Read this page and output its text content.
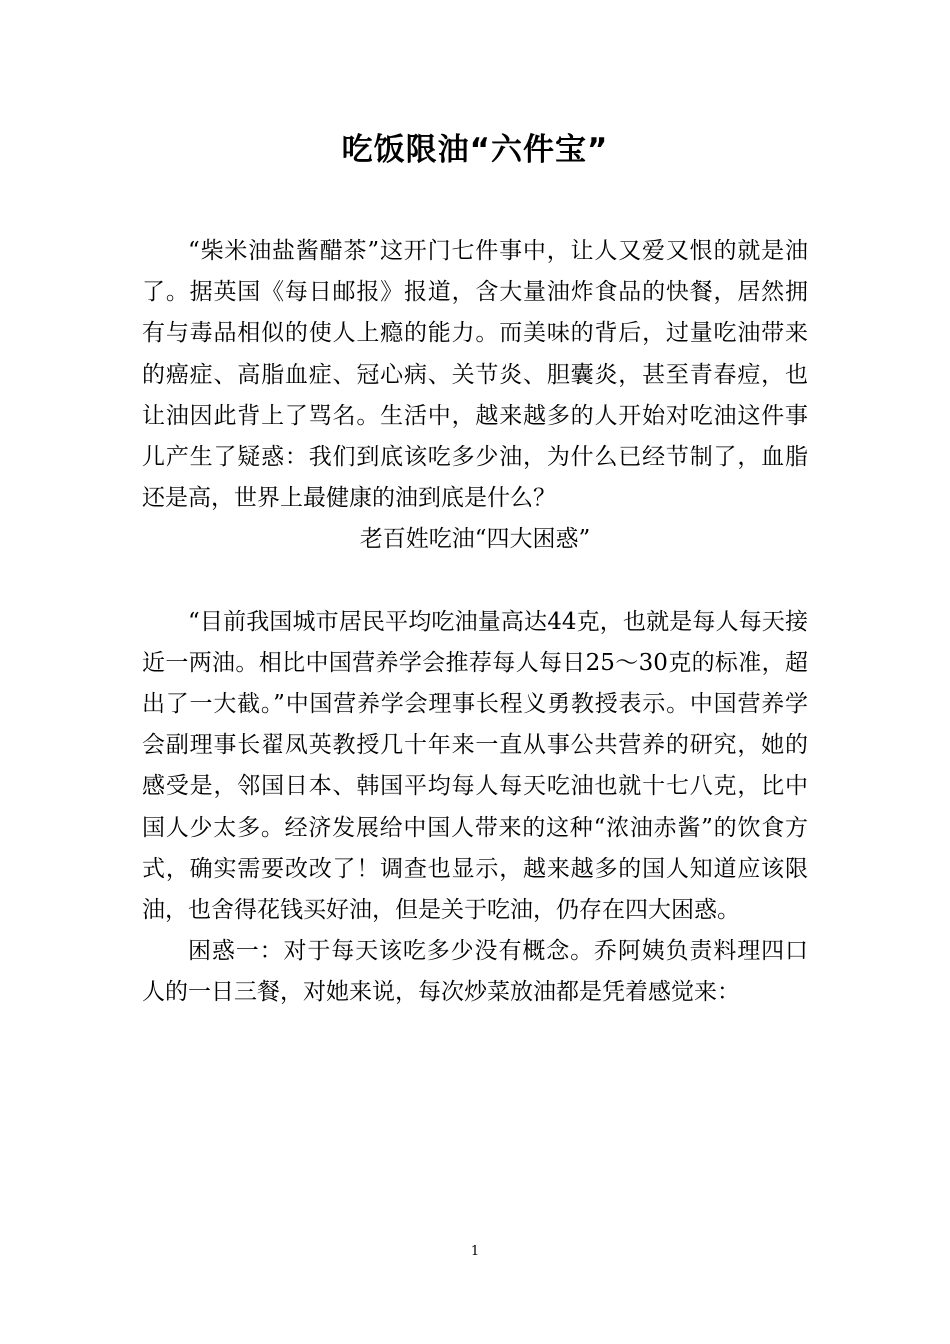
吃饭限油“六件宝”

“柴米油盐酱醋茶”这开门七件事中，让人又爱又恨的就是油了。据英国《每日邮报》报道，含大量油炸食品的快餐，居然拥有与毒品相似的使人上瘾的能力。而美味的背后，过量吃油带来的癌症、高脂血症、冠心病、关节炎、胆囊炎，甚至青春痘，也让油因此背上了骂名。生活中，越来越多的人开始对吃油这件事儿产生了疑惑：我们到底该吃多少油，为什么已经节制了，血脂还是高，世界上最健康的油到底是什么？

老百姓吃油“四大困惑”

“目前我国城市居民平均吃油量高达44克，也就是每人每天接近一两油。相比中国营养学会推荐每人每日25～30克的标准，超出了一大截。”中国营养学会理事长程义勇教授表示。中国营养学会副理事长翟凤英教授几十年来一直从事公共营养的研究，她的感受是，邻国日本、韩国平均每人每天吃油也就十七八克，比中国人少太多。经济发展给中国人带来的这种“浓油赤酱”的饮食方式，确实需要改改了！调查也显示，越来越多的国人知道应该限油，也舍得花钱买好油，但是关于吃油，仍存在四大困惑。

困惑一：对于每天该吃多少没有概念。乔阿姨负责料理四口人的一日三餐，对她来说，每次炒菜放油都是凭着感觉来：

1
